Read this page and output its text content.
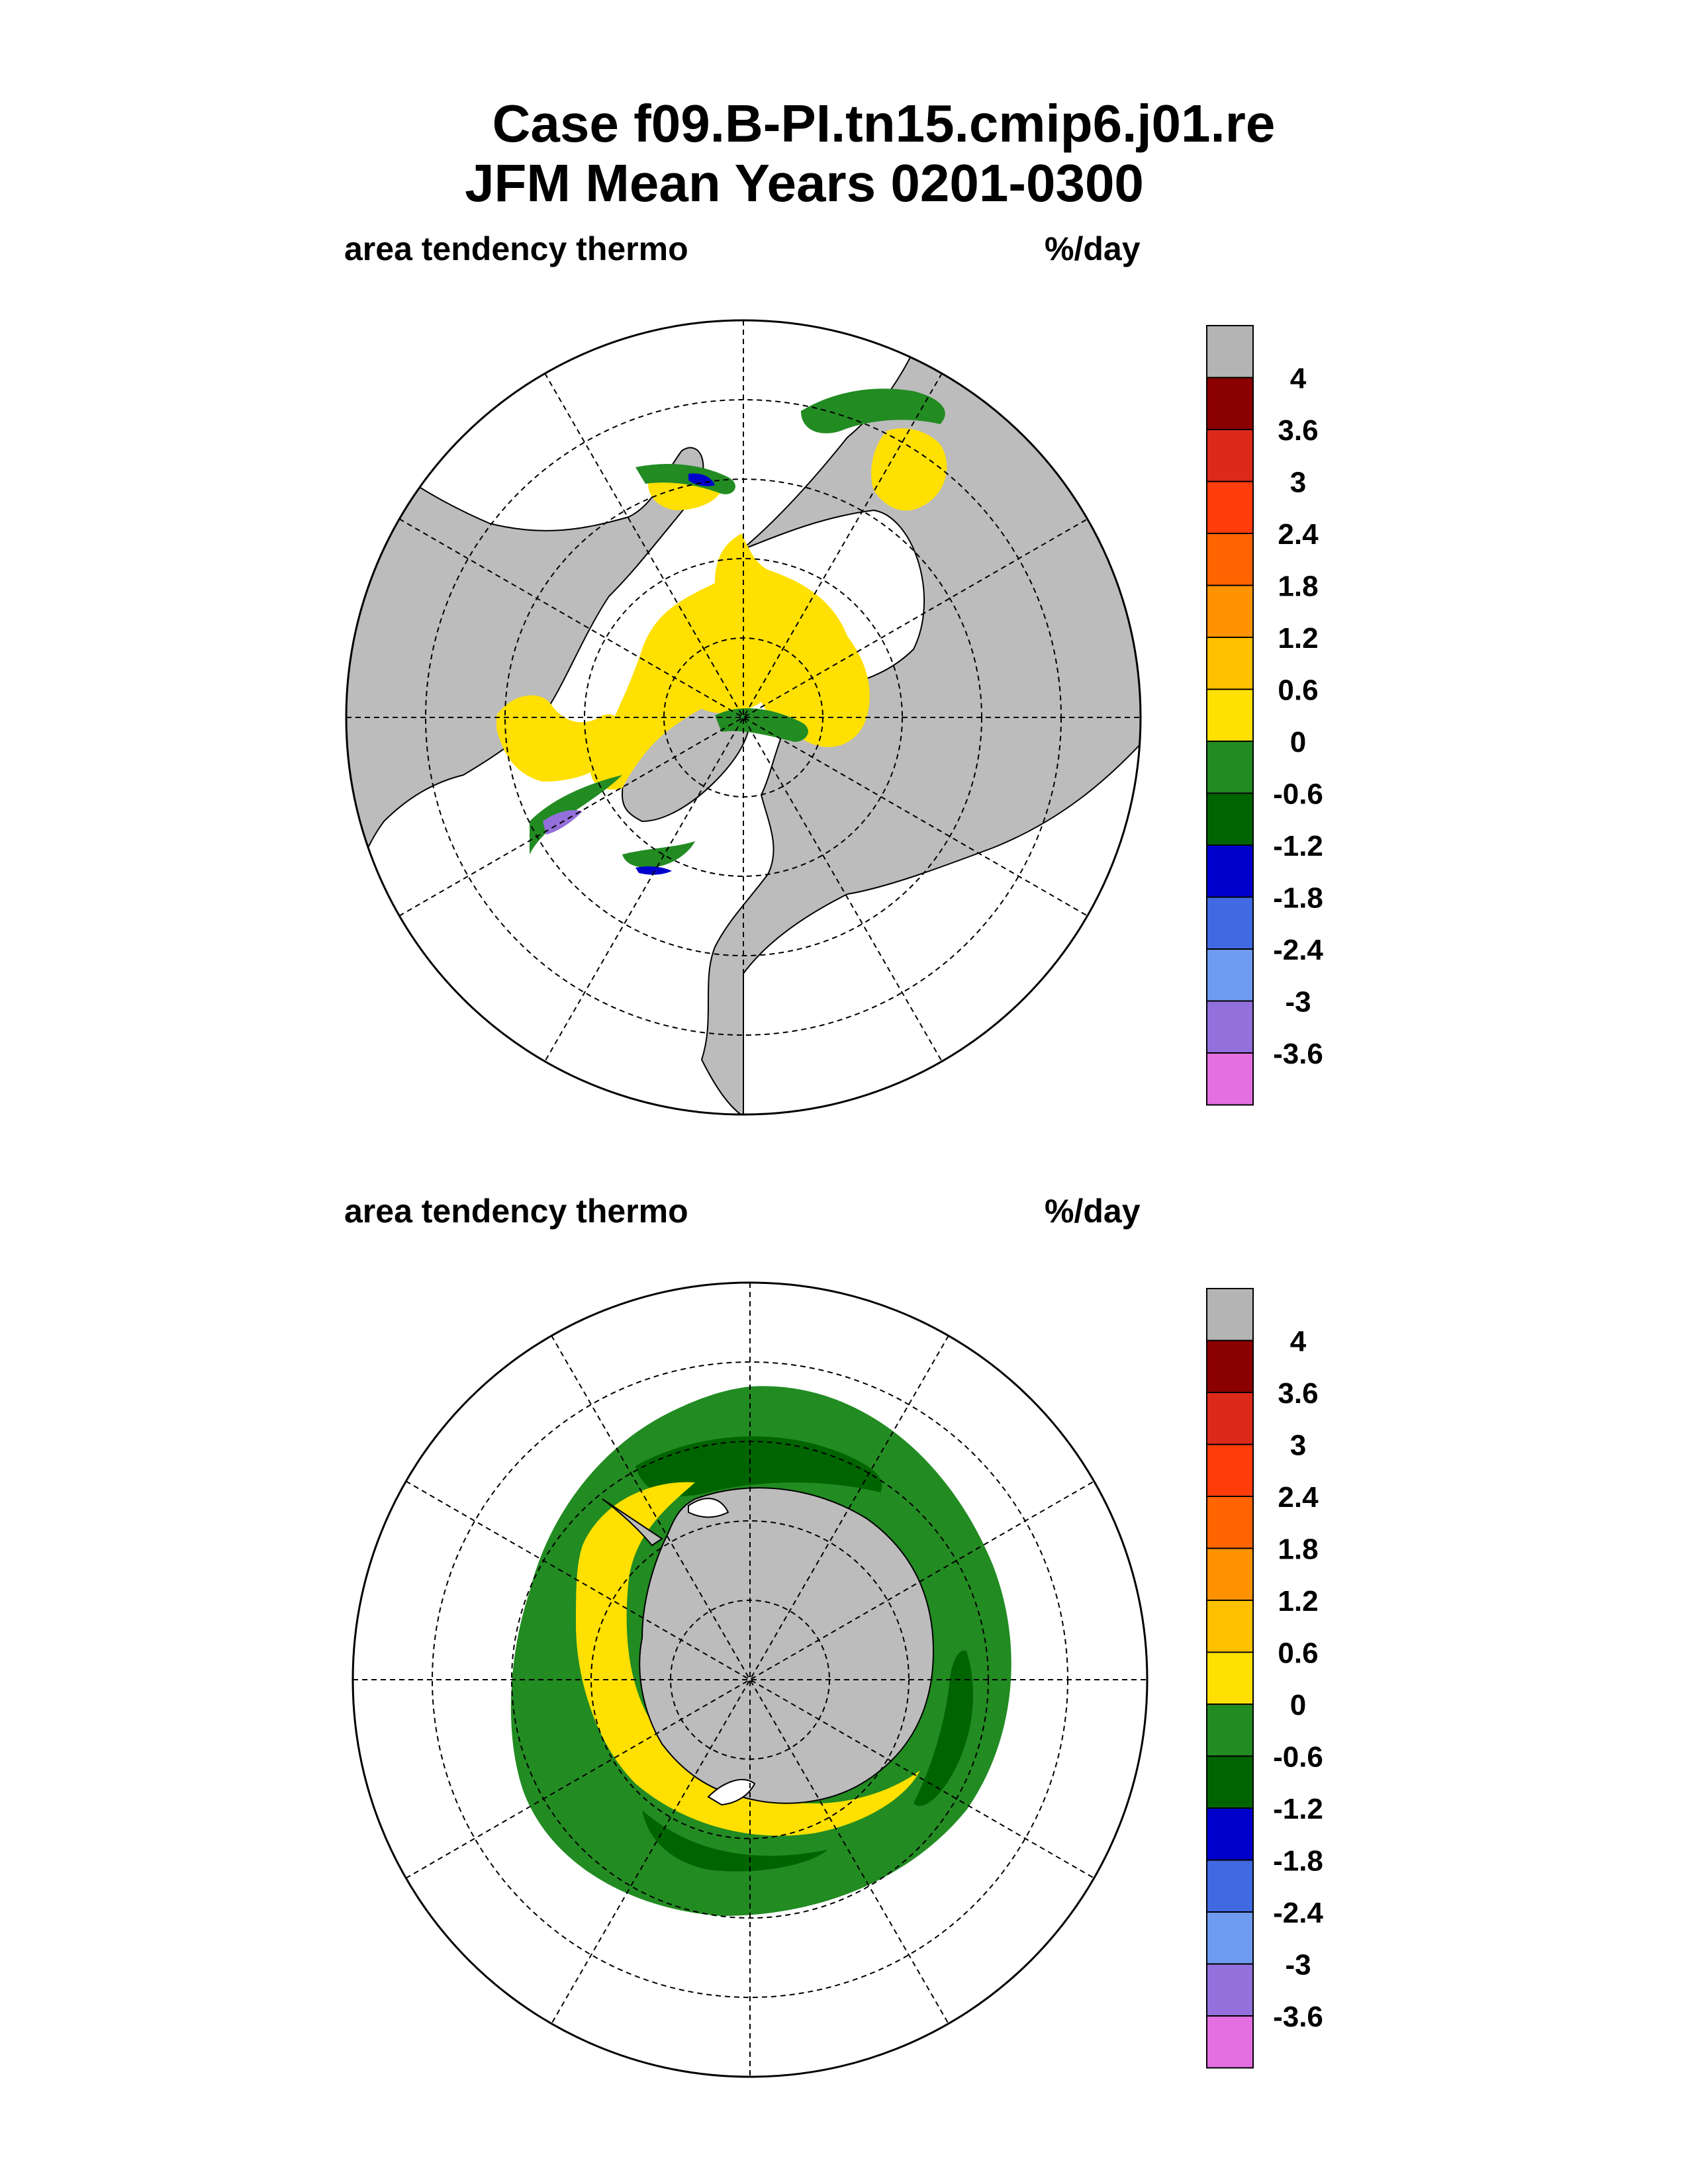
Case f09.B-PI.tn15.cmip6.j01.re
JFM Mean Years 0201-0300
area tendency thermo	%/day
4
3.6
3
2.4
1.8
1.2
0.6
0
-0.6
-1.2
-1.8
-2.4
-3
-3.6
area tendency thermo	%/day
4
3.6
3
2.4
1.8
1.2
0.6
0
-0.6
-1.2
-1.8
-2.4
-3
-3.6
